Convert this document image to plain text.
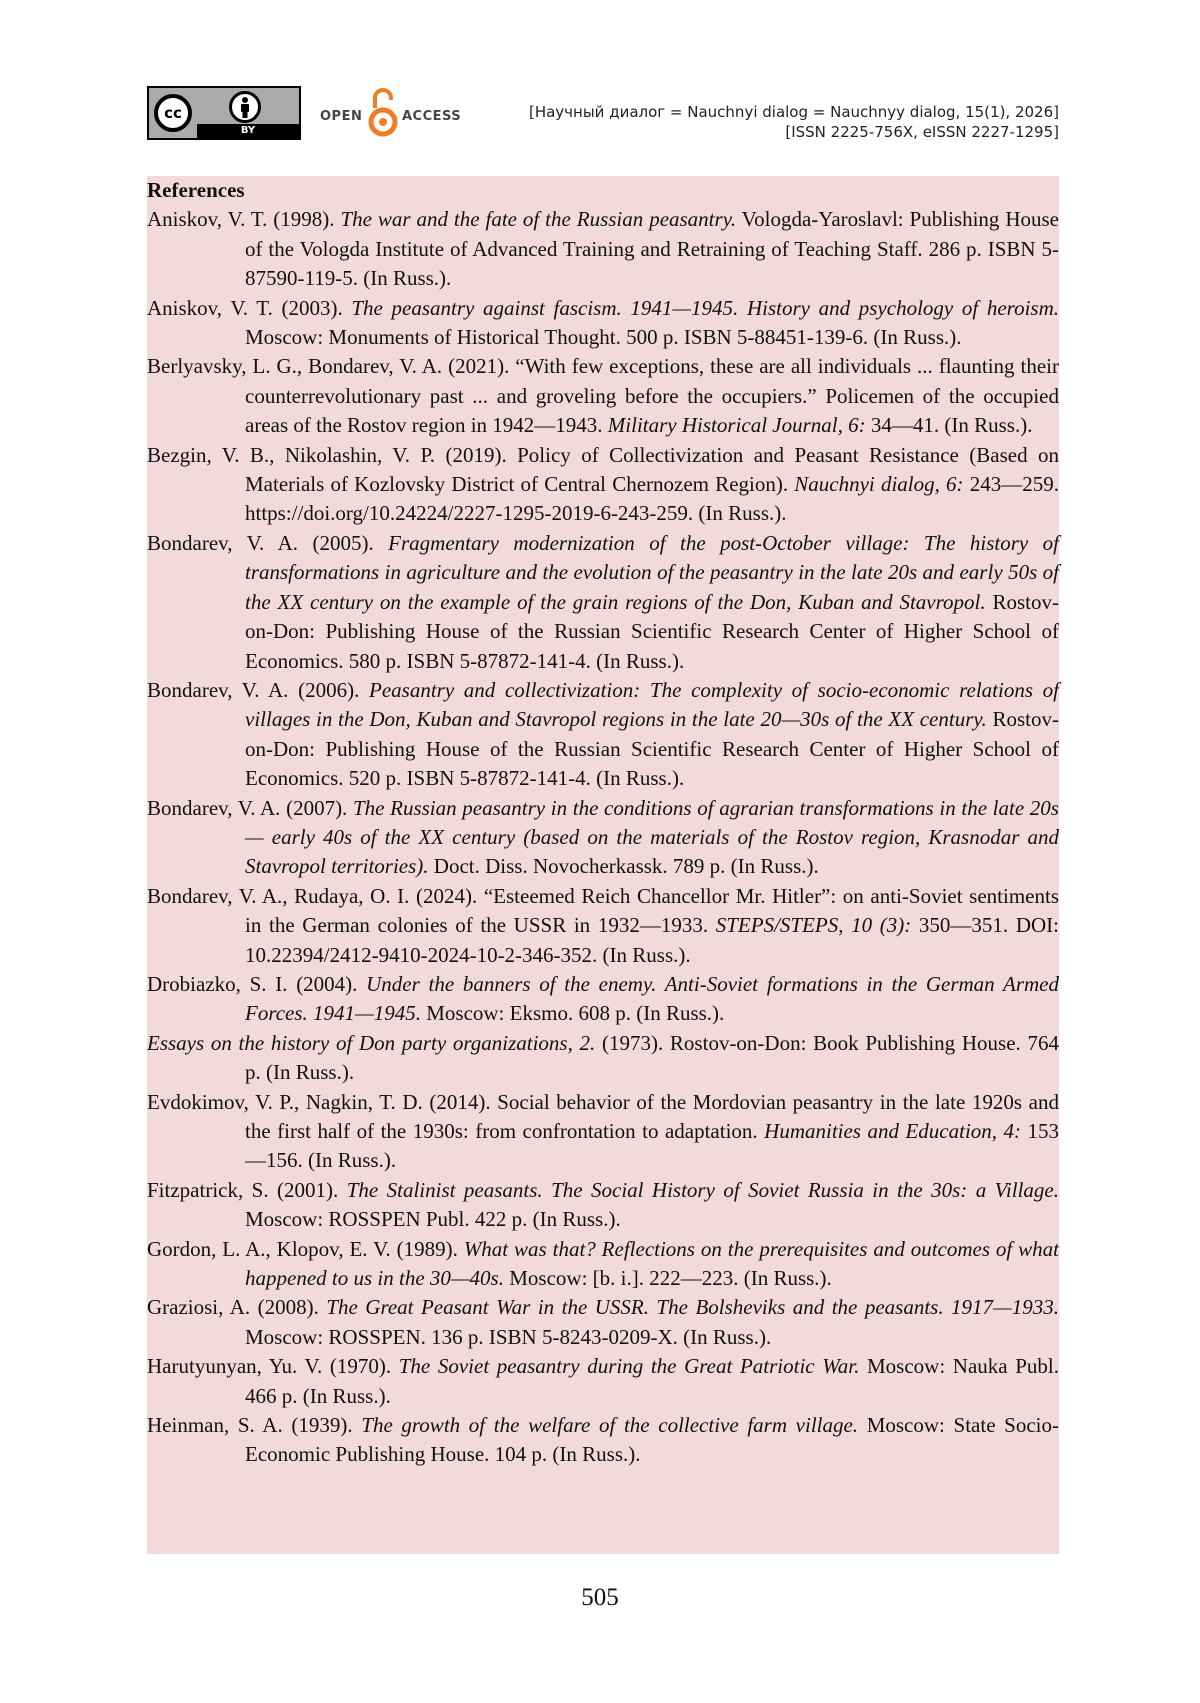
cc
BY
OPEN	ACCESS	[Научный диалог = Nauchnyi dialog = Nauchnyy dialog, 15(1), 2026]
[ISSN 2225-756X, eISSN 2227-1295]
References

Aniskov, V. T. (1998). The war and the fate of the Russian peasantry. Vologda-Yaroslavl: Publishing House of the Vologda Institute of Advanced Training and Retraining of Teaching Staff. 286 p. ISBN 5-87590-119-5. (In Russ.).

Aniskov, V. T. (2003). The peasantry against fascism. 1941—1945. History and psychology of heroism. Moscow: Monuments of Historical Thought. 500 p. ISBN 5-88451-139-6. (In Russ.).

Berlyavsky, L. G., Bondarev, V. A. (2021). “With few exceptions, these are all individuals ... flaunting their counterrevolutionary past ... and groveling before the occupiers.” Policemen of the occupied areas of the Rostov region in 1942—1943. Military Historical Journal, 6: 34—41. (In Russ.).

Bezgin, V. B., Nikolashin, V. P. (2019). Policy of Collectivization and Peasant Resistance (Based on Materials of Kozlovsky District of Central Chernozem Region). Nauchnyi dialog, 6: 243—259. https://doi.org/10.24224/2227-1295-2019-6-243-259. (In Russ.).

Bondarev, V. A. (2005). Fragmentary modernization of the post-October village: The history of transformations in agriculture and the evolution of the peasantry in the late 20s and early 50s of the XX century on the example of the grain regions of the Don, Kuban and Stavropol. Rostov-on-Don: Publishing House of the Russian Scientific Research Center of Higher School of Economics. 580 p. ISBN 5-87872-141-4. (In Russ.).

Bondarev, V. A. (2006). Peasantry and collectivization: The complexity of socio-economic relations of villages in the Don, Kuban and Stavropol regions in the late 20—30s of the XX century. Rostov-on-Don: Publishing House of the Russian Scientific Research Center of Higher School of Economics. 520 p. ISBN 5-87872-141-4. (In Russ.).

Bondarev, V. A. (2007). The Russian peasantry in the conditions of agrarian transformations in the late 20s — early 40s of the XX century (based on the materials of the Rostov region, Krasnodar and Stavropol territories). Doct. Diss. Novocherkassk. 789 p. (In Russ.).

Bondarev, V. A., Rudaya, O. I. (2024). “Esteemed Reich Chancellor Mr. Hitler”: on anti-Soviet sentiments in the German colonies of the USSR in 1932—1933. STEPS/STEPS, 10 (3): 350—351. DOI: 10.22394/2412-9410-2024-10-2-346-352. (In Russ.).

Drobiazko, S. I. (2004). Under the banners of the enemy. Anti-Soviet formations in the German Armed Forces. 1941—1945. Moscow: Eksmo. 608 p. (In Russ.).

Essays on the history of Don party organizations, 2. (1973). Rostov-on-Don: Book Publishing House. 764 p. (In Russ.).

Evdokimov, V. P., Nagkin, T. D. (2014). Social behavior of the Mordovian peasantry in the late 1920s and the first half of the 1930s: from confrontation to adaptation. Humanities and Education, 4: 153—156. (In Russ.).

Fitzpatrick, S. (2001). The Stalinist peasants. The Social History of Soviet Russia in the 30s: a Village. Moscow: ROSSPEN Publ. 422 p. (In Russ.).

Gordon, L. A., Klopov, E. V. (1989). What was that? Reflections on the prerequisites and outcomes of what happened to us in the 30—40s. Moscow: [b. i.]. 222—223. (In Russ.).

Graziosi, A. (2008). The Great Peasant War in the USSR. The Bolsheviks and the peasants. 1917—1933. Moscow: ROSSPEN. 136 p. ISBN 5-8243-0209-X. (In Russ.).

Harutyunyan, Yu. V. (1970). The Soviet peasantry during the Great Patriotic War. Moscow: Nauka Publ. 466 p. (In Russ.).

Heinman, S. A. (1939). The growth of the welfare of the collective farm village. Moscow: State Socio-Economic Publishing House. 104 p. (In Russ.).

505
